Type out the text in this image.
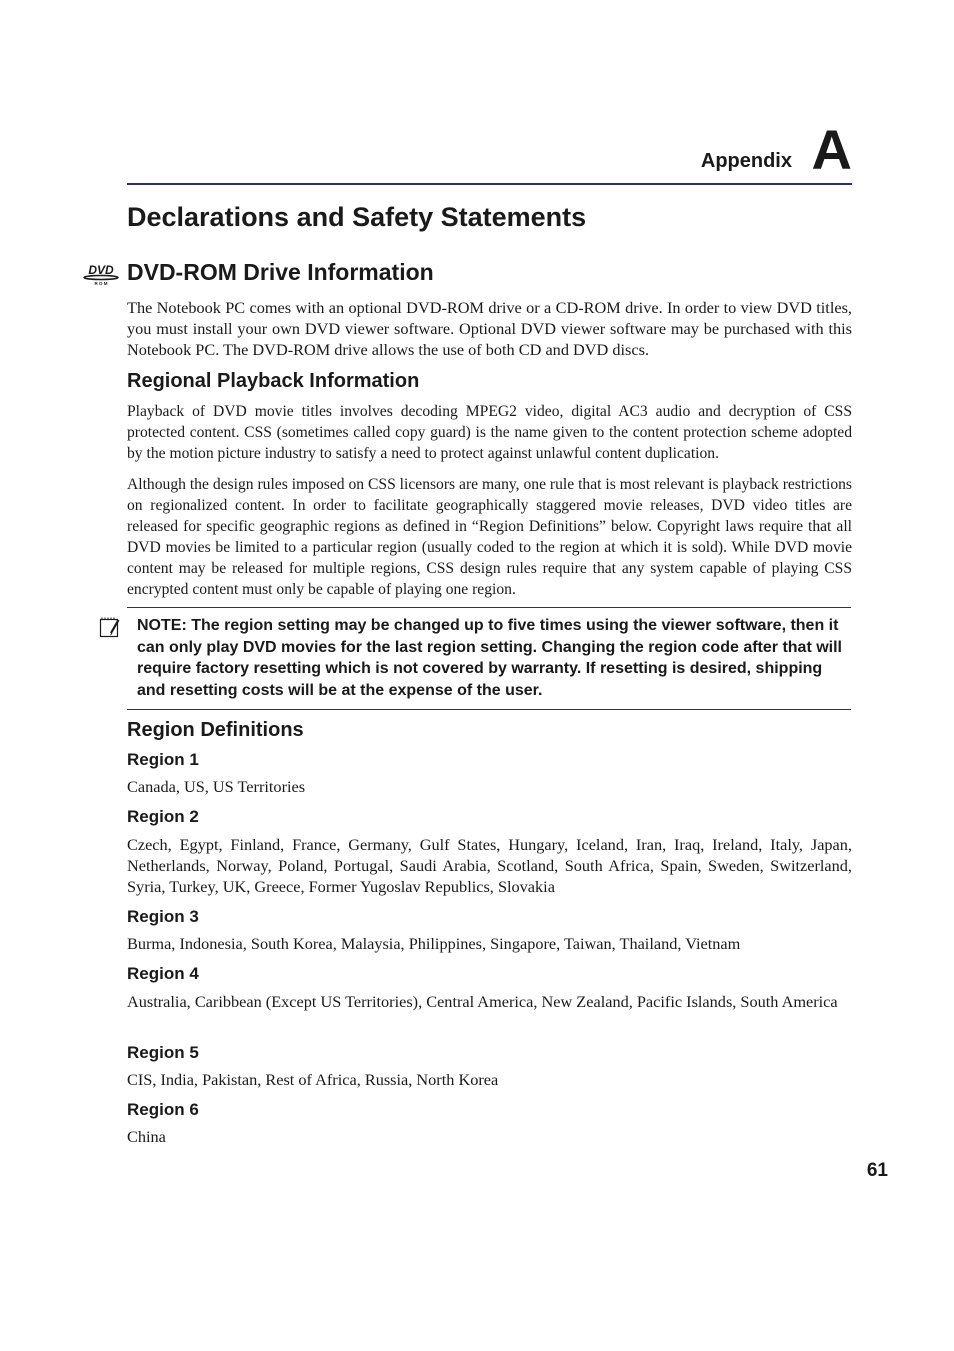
Appendix A
Declarations and Safety Statements
DVD
R O M DVD-ROM Drive Information

The Notebook PC comes with an optional DVD-ROM drive or a CD-ROM drive. In order to view DVD titles, you must install your own DVD viewer software. Optional DVD viewer software may be purchased with this Notebook PC. The DVD-ROM drive allows the use of both CD and DVD discs.

Regional Playback Information

Playback of DVD movie titles involves decoding MPEG2 video, digital AC3 audio and decryption of CSS protected content. CSS (sometimes called copy guard) is the name given to the content protection scheme adopted by the motion picture industry to satisfy a need to protect against unlawful content duplication.

Although the design rules imposed on CSS licensors are many, one rule that is most relevant is playback restrictions on regionalized content. In order to facilitate geographically staggered movie releases, DVD video titles are released for specific geographic regions as defined in “Region Definitions” below. Copyright laws require that all DVD movies be limited to a particular region (usually coded to the region at which it is sold). While DVD movie content may be released for multiple regions, CSS design rules require that any system capable of playing CSS encrypted content must only be capable of playing one region.

NOTE: The region setting may be changed up to five times using the viewer software, then it can only play DVD movies for the last region setting. Changing the region code after that will require factory resetting which is not covered by warranty. If resetting is desired, shipping and resetting costs will be at the expense of the user.

Region Definitions
Region 1

Canada, US, US Territories

Region 2

Czech, Egypt, Finland, France, Germany, Gulf States, Hungary, Iceland, Iran, Iraq, Ireland, Italy, Japan, Netherlands, Norway, Poland, Portugal, Saudi Arabia, Scotland, South Africa, Spain, Sweden, Switzerland, Syria, Turkey, UK, Greece, Former Yugoslav Republics, Slovakia

Region 3

Burma, Indonesia, South Korea, Malaysia, Philippines, Singapore, Taiwan, Thailand, Vietnam

Region 4

Australia, Caribbean (Except US Territories), Central America, New Zealand, Pacific Islands, South America

Region 5

CIS, India, Pakistan, Rest of Africa, Russia, North Korea

Region 6

China

61
